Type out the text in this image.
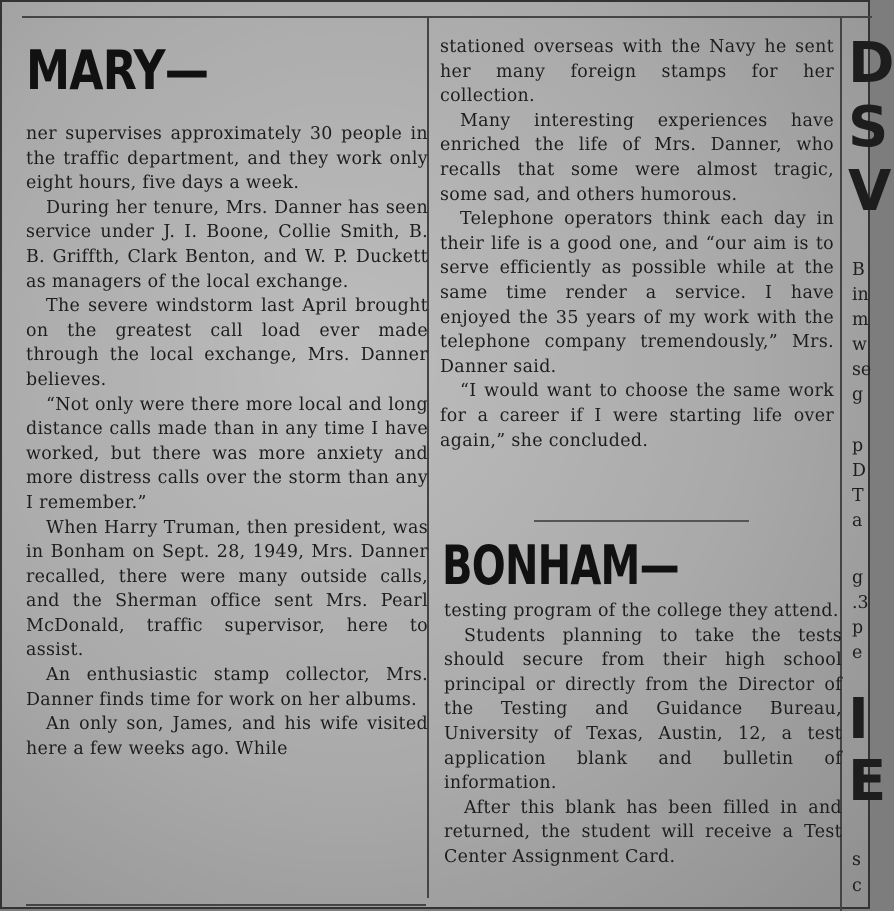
MARY—

ner supervises approximately 30 people in the traffic department, and they work only eight hours, five days a week.

During her tenure, Mrs. Danner has seen service under J. I. Boone, Collie Smith, B. B. Griffth, Clark Benton, and W. P. Duckett as managers of the local exchange.

The severe windstorm last April brought on the greatest call load ever made through the local exchange, Mrs. Danner believes.

“Not only were there more local and long distance calls made than in any time I have worked, but there was more anxiety and more distress calls over the storm than any I remember.”

When Harry Truman, then president, was in Bonham on Sept. 28, 1949, Mrs. Danner recalled, there were many outside calls, and the Sherman office sent Mrs. Pearl McDonald, traffic supervisor, here to assist.

An enthusiastic stamp collector, Mrs. Danner finds time for work on her albums.

An only son, James, and his wife visited here a few weeks ago. While

stationed overseas with the Navy he sent her many foreign stamps for her collection.

Many interesting experiences have enriched the life of Mrs. Danner, who recalls that some were almost tragic, some sad, and others humorous.

Telephone operators think each day in their life is a good one, and “our aim is to serve efficiently as possible while at the same time render a service. I have enjoyed the 35 years of my work with the telephone company tremendously,” Mrs. Danner said.

“I would want to choose the same work for a career if I were starting life over again,” she concluded.

BONHAM—

testing program of the college they attend.

Students planning to take the tests should secure from their high school principal or directly from the Director of the Testing and Guidance Bureau, University of Texas, Austin, 12, a test application blank and bulletin of information.

After this blank has been filled in and returned, the student will receive a Test Center Assignment Card.

D
S
V
B
in
m
w
se
g
p
D
T
a
g
.3
p
e
I
E
s
c
